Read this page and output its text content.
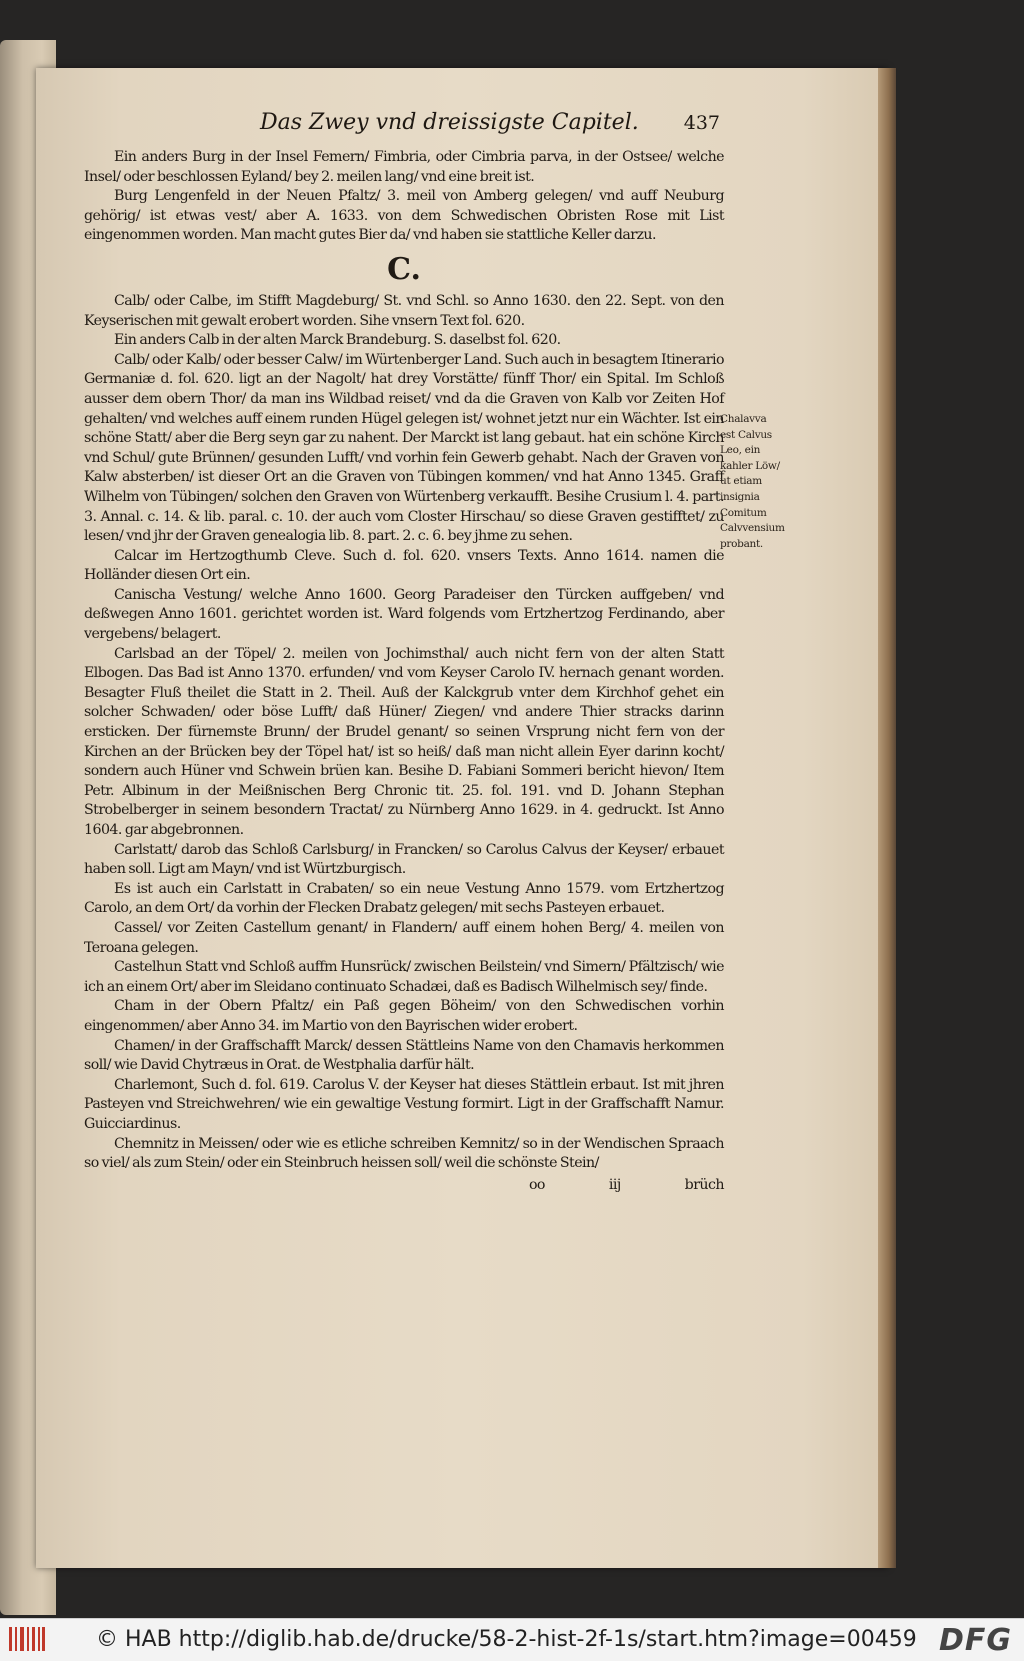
Das Zwey vnd dreissigste Capitel. 437

Ein anders Burg in der Insel Femern/ Fimbria, oder Cimbria parva, in der Ostsee/ welche Insel/ oder beschlossen Eyland/ bey 2. meilen lang/ vnd eine breit ist.

Burg Lengenfeld in der Neuen Pfaltz/ 3. meil von Amberg gelegen/ vnd auff Neuburg gehörig/ ist etwas vest/ aber A. 1633. von dem Schwedischen Obristen Rose mit List eingenommen worden. Man macht gutes Bier da/ vnd haben sie stattliche Keller darzu.

C.

Calb/ oder Calbe, im Stifft Magdeburg/ St. vnd Schl. so Anno 1630. den 22. Sept. von den Keyserischen mit gewalt erobert worden. Sihe vnsern Text fol. 620.

Ein anders Calb in der alten Marck Brandeburg. S. daselbst fol. 620.

Calb/ oder Kalb/ oder besser Calw/ im Würtenberger Land. Such auch in besagtem Itinerario Germaniæ d. fol. 620. ligt an der Nagolt/ hat drey Vorstätte/ fünff Thor/ ein Spital. Im Schloß ausser dem obern Thor/ da man ins Wildbad reiset/ vnd da die Graven von Kalb vor Zeiten Hof gehalten/ vnd welches auff einem runden Hügel gelegen ist/ wohnet jetzt nur ein Wächter. Ist ein schöne Statt/ aber die Berg seyn gar zu nahent. Der Marckt ist lang gebaut. hat ein schöne Kirch vnd Schul/ gute Brünnen/ gesunden Lufft/ vnd vorhin fein Gewerb gehabt. Nach der Graven von Kalw absterben/ ist dieser Ort an die Graven von Tübingen kommen/ vnd hat Anno 1345. Graff Wilhelm von Tübingen/ solchen den Graven von Würtenberg verkaufft. Besihe Crusium l. 4. part. 3. Annal. c. 14. & lib. paral. c. 10. der auch vom Closter Hirschau/ so diese Graven gestifftet/ zu lesen/ vnd jhr der Graven genealogia lib. 8. part. 2. c. 6. bey jhme zu sehen.

Calcar im Hertzogthumb Cleve. Such d. fol. 620. vnsers Texts. Anno 1614. namen die Holländer diesen Ort ein.

Canischa Vestung/ welche Anno 1600. Georg Paradeiser den Türcken auffgeben/ vnd deßwegen Anno 1601. gerichtet worden ist. Ward folgends vom Ertzhertzog Ferdinando, aber vergebens/ belagert.

Carlsbad an der Töpel/ 2. meilen von Jochimsthal/ auch nicht fern von der alten Statt Elbogen. Das Bad ist Anno 1370. erfunden/ vnd vom Keyser Carolo IV. hernach genant worden. Besagter Fluß theilet die Statt in 2. Theil. Auß der Kalckgrub vnter dem Kirchhof gehet ein solcher Schwaden/ oder böse Lufft/ daß Hüner/ Ziegen/ vnd andere Thier stracks darinn ersticken. Der fürnemste Brunn/ der Brudel genant/ so seinen Vrsprung nicht fern von der Kirchen an der Brücken bey der Töpel hat/ ist so heiß/ daß man nicht allein Eyer darinn kocht/ sondern auch Hüner vnd Schwein brüen kan. Besihe D. Fabiani Sommeri bericht hievon/ Item Petr. Albinum in der Meißnischen Berg Chronic tit. 25. fol. 191. vnd D. Johann Stephan Strobelberger in seinem besondern Tractat/ zu Nürnberg Anno 1629. in 4. gedruckt. Ist Anno 1604. gar abgebronnen.

Carlstatt/ darob das Schloß Carlsburg/ in Francken/ so Carolus Calvus der Keyser/ erbauet haben soll. Ligt am Mayn/ vnd ist Würtzburgisch.

Es ist auch ein Carlstatt in Crabaten/ so ein neue Vestung Anno 1579. vom Ertzhertzog Carolo, an dem Ort/ da vorhin der Flecken Drabatz gelegen/ mit sechs Pasteyen erbauet.

Cassel/ vor Zeiten Castellum genant/ in Flandern/ auff einem hohen Berg/ 4. meilen von Teroana gelegen.

Castelhun Statt vnd Schloß auffm Hunsrück/ zwischen Beilstein/ vnd Simern/ Pfältzisch/ wie ich an einem Ort/ aber im Sleidano continuato Schadæi, daß es Badisch Wilhelmisch sey/ finde.

Cham in der Obern Pfaltz/ ein Paß gegen Böheim/ von den Schwedischen vorhin eingenommen/ aber Anno 34. im Martio von den Bayrischen wider erobert.

Chamen/ in der Graffschafft Marck/ dessen Stättleins Name von den Chamavis herkommen soll/ wie David Chytræus in Orat. de Westphalia darfür hält.

Charlemont, Such d. fol. 619. Carolus V. der Keyser hat dieses Stättlein erbaut. Ist mit jhren Pasteyen vnd Streichwehren/ wie ein gewaltige Vestung formirt. Ligt in der Graffschafft Namur. Guicciardinus.

Chemnitz in Meissen/ oder wie es etliche schreiben Kemnitz/ so in der Wendischen Spraach so viel/ als zum Stein/ oder ein Steinbruch heissen soll/ weil die schönste Stein/

oo iij brüch
Chalavva est Calvus Leo, ein kahler Löw/ ut etiam insignia Comitum Calvvensium probant.
© HAB http://diglib.hab.de/drucke/58-2-hist-2f-1s/start.htm?image=00459 DFG
